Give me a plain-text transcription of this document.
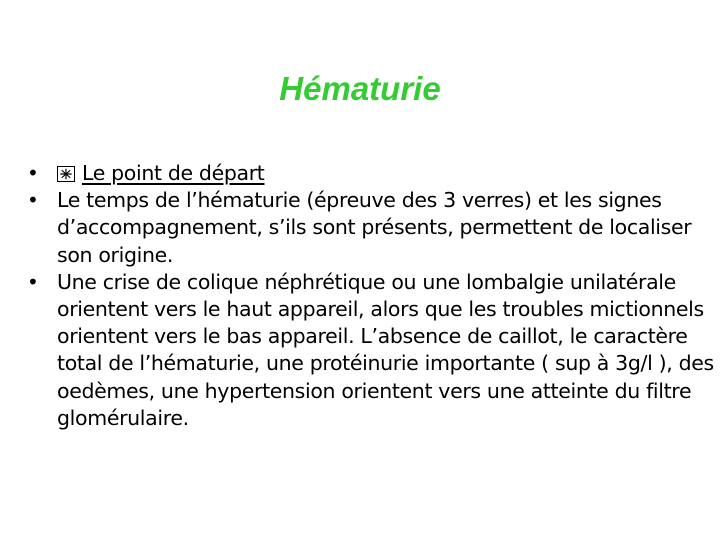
Hématurie
• Le point de départ
• Le temps de l’hématurie (épreuve des 3 verres) et les signes d’accompagnement, s’ils sont présents, permettent de localiser son origine.
• Une crise de colique néphrétique ou une lombalgie unilatérale orientent vers le haut appareil, alors que les troubles mictionnels orientent vers le bas appareil. L’absence de caillot, le caractère total de l’hématurie, une protéinurie importante ( sup à 3g/l ), des oedèmes, une hypertension orientent vers une atteinte du filtre glomérulaire.
